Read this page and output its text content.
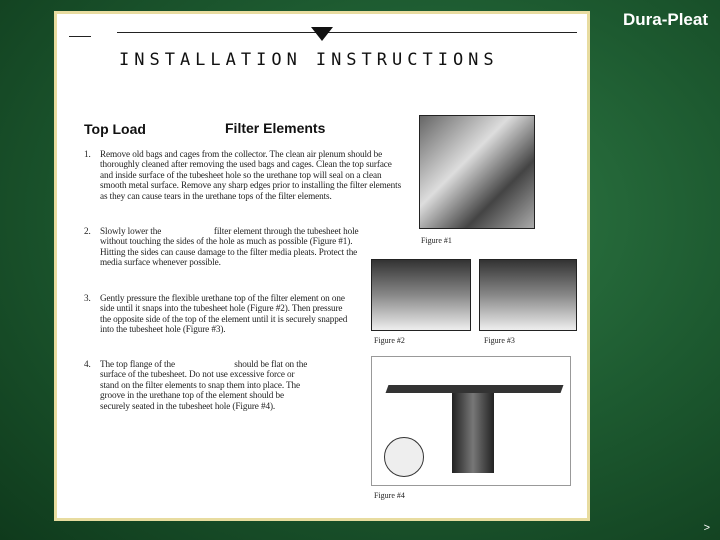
Dura-Pleat
>
INSTALLATION INSTRUCTIONS
Top Load	Filter Elements
1. Remove old bags and cages from the collector. The clean air plenum should be thoroughly cleaned after removing the used bags and cages. Clean the top surface and inside surface of the tubesheet hole so the urethane top will seal on a clean smooth metal surface. Remove any sharp edges prior to installing the filter elements as they can cause tears in the urethane tops of the filter elements.
2. Slowly lower the                        filter element through the tubesheet hole without touching the sides of the hole as much as possible (Figure #1). Hitting the sides can cause damage to the filter media pleats. Protect the media surface whenever possible.
3. Gently pressure the flexible urethane top of the filter element on one side until it snaps into the tubesheet hole (Figure #2). Then pressure the opposite side of the top of the element until it is securely snapped into the tubesheet hole (Figure #3).
4. The top flange of the                           should be flat on the surface of the tubesheet. Do not use excessive force or stand on the filter elements to snap them into place. The groove in the urethane top of the element should be securely seated in the tubesheet hole (Figure #4).
Figure #1
Figure #2	Figure #3
Figure #4
